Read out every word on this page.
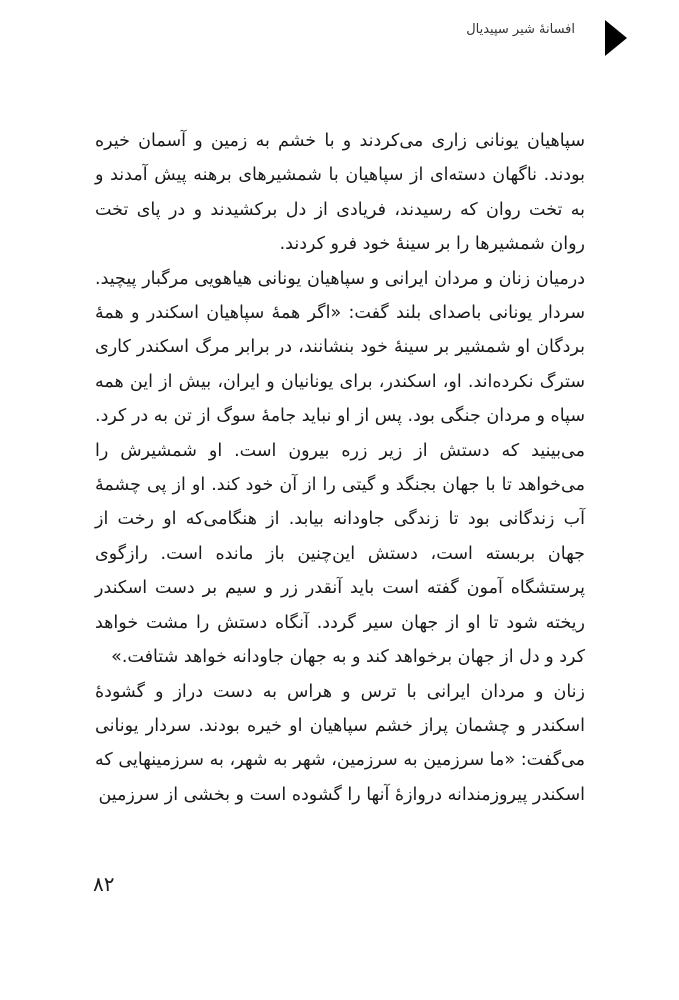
افسانهٔ شیر سپیدیال

سپاهیان یونانی زاری می‌کردند و با خشم به زمین و آسمان خیره بودند. ناگهان دسته‌ای از سپاهیان با شمشیرهای برهنه پیش آمدند و به تخت روان که رسیدند، فریادی از دل برکشیدند و در پای تخت روان شمشیرها را بر سینهٔ خود فرو کردند.

درمیان زنان و مردان ایرانی و سپاهیان یونانی هیاهویی مرگبار پیچید. سردار یونانی باصدای بلند گفت: «اگر همهٔ سپاهیان اسکندر و همهٔ بردگان او شمشیر بر سینهٔ خود بنشانند، در برابر مرگ اسکندر کاری سترگ نکرده‌اند. او، اسکندر، برای یونانیان و ایران، بیش از این همه سپاه و مردان جنگی بود. پس از او نباید جامهٔ سوگ از تن به در کرد. می‌بینید که دستش از زیر زره بیرون است. او شمشیرش را می‌خواهد تا با جهان بجنگد و گیتی را از آن خود کند. او از پی چشمهٔ آب زندگانی بود تا زندگی جاودانه بیابد. از هنگامی‌که او رخت از جهان بربسته است، دستش این‌چنین باز مانده است. رازگوی پرستشگاه آمون گفته است باید آنقدر زر و سیم بر دست اسکندر ریخته شود تا او از جهان سیر گردد. آنگاه دستش را مشت خواهد کرد و دل از جهان برخواهد کند و به جهان جاودانه خواهد شتافت.»

زنان و مردان ایرانی با ترس و هراس به دست دراز و گشودهٔ اسکندر و چشمان پراز خشم سپاهیان او خیره بودند. سردار یونانی می‌گفت: «ما سرزمین به سرزمین، شهر به شهر، به سرزمینهایی که اسکندر پیروزمندانه دروازهٔ آنها را گشوده است و بخشی از سرزمین

۸۲
